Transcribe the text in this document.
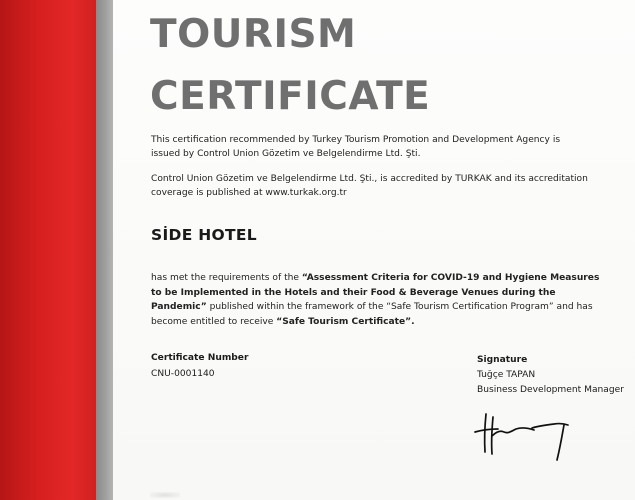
TOURISM
CERTIFICATE

This certification recommended by Turkey Tourism Promotion and Development Agency is issued by Control Union Gözetim ve Belgelendirme Ltd. Şti.

Control Union Gözetim ve Belgelendirme Ltd. Şti., is accredited by TURKAK and its accreditation coverage is published at www.turkak.org.tr

SİDE HOTEL

has met the requirements of the “Assessment Criteria for COVID-19 and Hygiene Measures to be Implemented in the Hotels and their Food & Beverage Venues during the Pandemic” published within the framework of the “Safe Tourism Certification Program” and has become entitled to receive “Safe Tourism Certificate”.

Certificate Number
CNU-0001140
Signature
Tuğçe TAPAN
Business Development Manager
